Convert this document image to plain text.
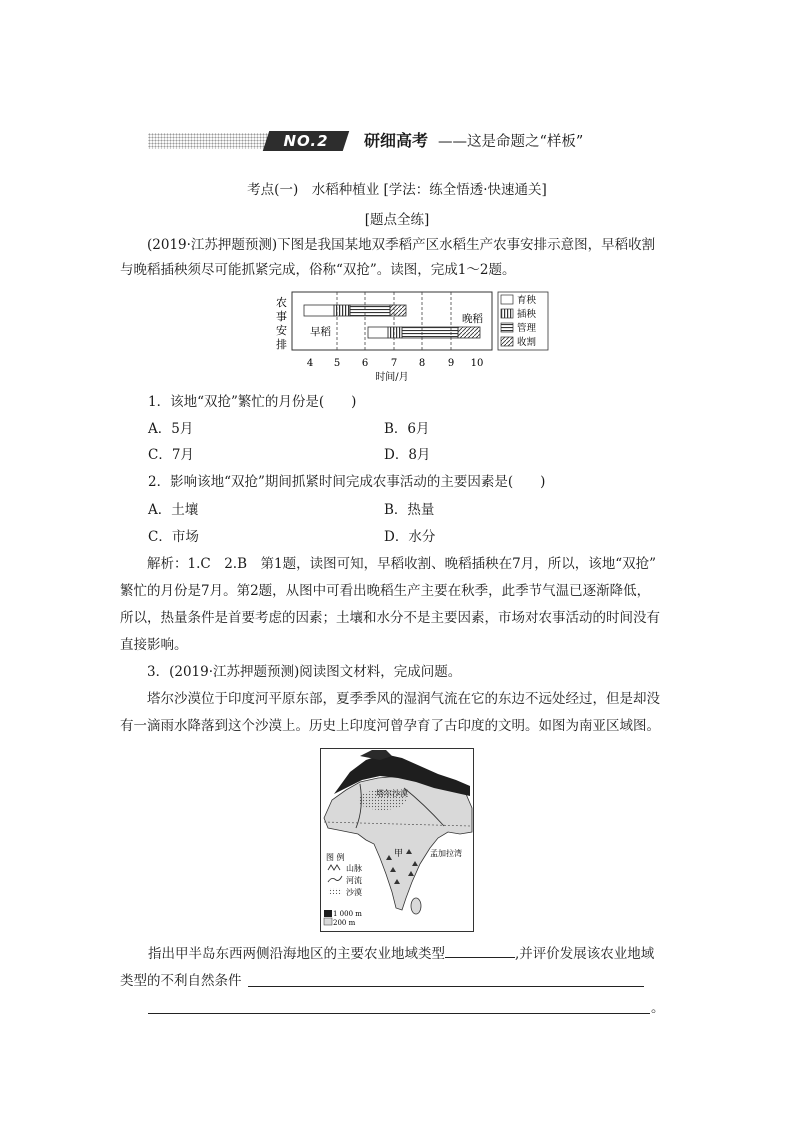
NO.2	研细高考 ——这是命题之“样板”
考点(一)　水稻种植业 [学法：练全悟透·快速通关]
[题点全练]
(2019·江苏押题预测)下图是我国某地双季稻产区水稻生产农事安排示意图，早稻收割
与晚稻插秧须尽可能抓紧完成，俗称“双抢”。读图，完成1～2题。
农
事
安
排
早稻
晚稻
4 5 6 7 8 9 10
时间/月
育秧
插秧
管理
收割
1．该地“双抢”繁忙的月份是(　　)
A．5月	B．6月
C．7月	D．8月
2．影响该地“双抢”期间抓紧时间完成农事活动的主要因素是(　　)
A．土壤	B．热量
C．市场	D．水分
解析：1.C　2.B　第1题，读图可知，早稻收割、晚稻插秧在7月，所以，该地“双抢”
繁忙的月份是7月。第2题，从图中可看出晚稻生产主要在秋季，此季节气温已逐渐降低，
所以，热量条件是首要考虑的因素；土壤和水分不是主要因素，市场对农事活动的时间没有
直接影响。
3．(2019·江苏押题预测)阅读图文材料，完成问题。
塔尔沙漠位于印度河平原东部，夏季季风的湿润气流在它的东边不远处经过，但是却没
有一滴雨水降落到这个沙漠上。历史上印度河曾孕育了古印度的文明。如图为南亚区域图。
塔尔沙漠
甲	孟加拉湾
图 例
山脉
河流
沙漠
1 000 m
200 m
指出甲半岛东西两侧沿海地区的主要农业地域类型	,并评价发展该农业地域
类型的不利自然条件
。
